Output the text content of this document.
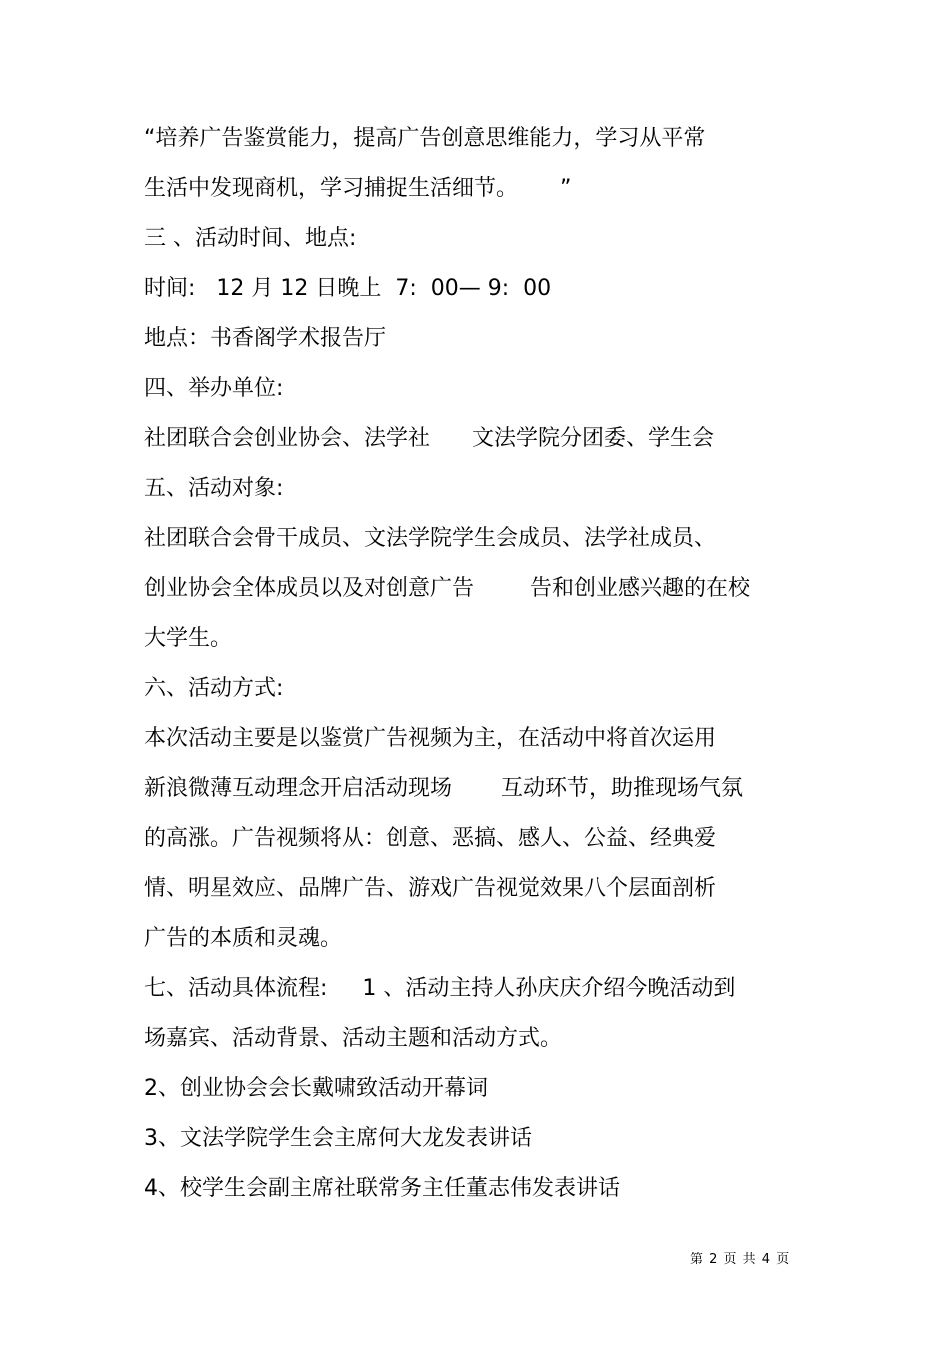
“培养广告鉴赏能力，提高广告创意思维能力，学习从平常

生活中发现商机，学习捕捉生活细节。      ”

三 、活动时间、地点:

时间:   12 月 12 日晚上  7:  00— 9:  00

地点：书香阁学术报告厅

四、举办单位:

社团联合会创业协会、法学社      文法学院分团委、学生会

五、活动对象:

社团联合会骨干成员、文法学院学生会成员、法学社成员、

创业协会全体成员以及对创意广告        告和创业感兴趣的在校

大学生。

六、活动方式:

本次活动主要是以鉴赏广告视频为主，在活动中将首次运用

新浪微薄互动理念开启活动现场       互动环节，助推现场气氛

的高涨。广告视频将从：创意、恶搞、感人、公益、经典爱

情、明星效应、品牌广告、游戏广告视觉效果八个层面剖析

广告的本质和灵魂。

七、活动具体流程:     1 、活动主持人孙庆庆介绍今晚活动到

场嘉宾、活动背景、活动主题和活动方式。

2、创业协会会长戴啸致活动开幕词

3、文法学院学生会主席何大龙发表讲话

4、校学生会副主席社联常务主任董志伟发表讲话

第 2 页 共 4 页
